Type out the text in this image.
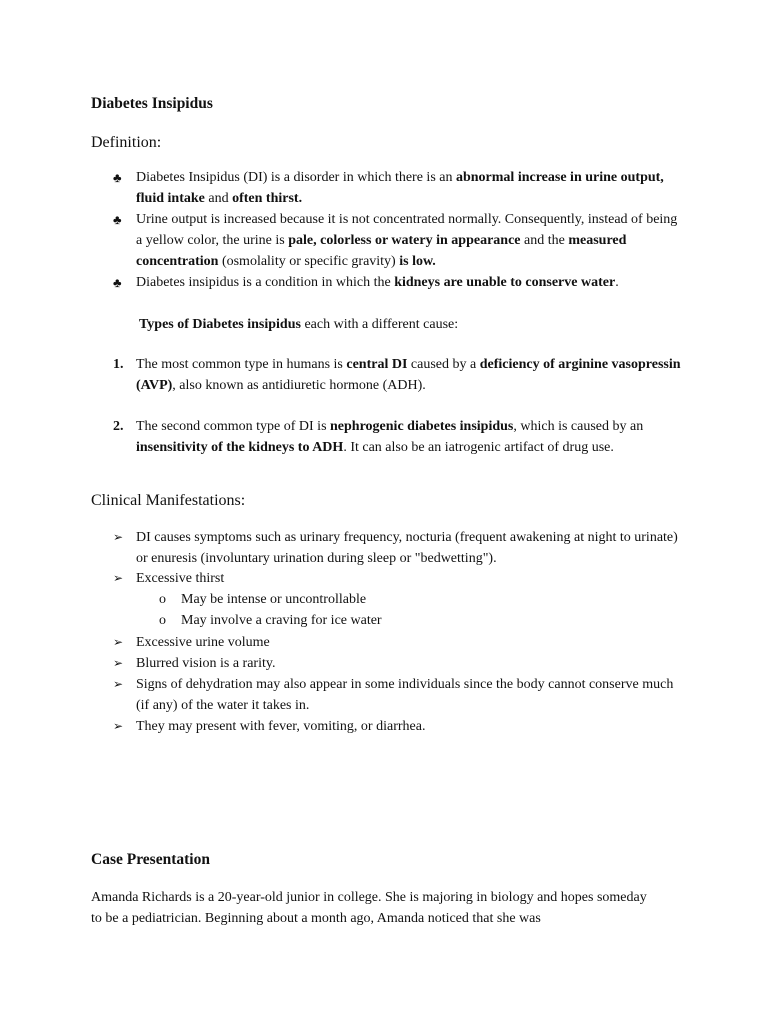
Diabetes Insipidus
Definition:
♣ Diabetes Insipidus (DI) is a disorder in which there is an abnormal increase in urine output, fluid intake and often thirst.
♣ Urine output is increased because it is not concentrated normally. Consequently, instead of being a yellow color, the urine is pale, colorless or watery in appearance and the measured concentration (osmolality or specific gravity) is low.
♣ Diabetes insipidus is a condition in which the kidneys are unable to conserve water.

Types of Diabetes insipidus each with a different cause:

1. The most common type in humans is central DI caused by a deficiency of arginine vasopressin (AVP), also known as antidiuretic hormone (ADH).
2. The second common type of DI is nephrogenic diabetes insipidus, which is caused by an insensitivity of the kidneys to ADH. It can also be an iatrogenic artifact of drug use.
Clinical Manifestations:
➢ DI causes symptoms such as urinary frequency, nocturia (frequent awakening at night to urinate) or enuresis (involuntary urination during sleep or "bedwetting").
➢ Excessive thirst
o May be intense or uncontrollable
o May involve a craving for ice water
➢ Excessive urine volume
➢ Blurred vision is a rarity.
➢ Signs of dehydration may also appear in some individuals since the body cannot conserve much (if any) of the water it takes in.
➢ They may present with fever, vomiting, or diarrhea.
Case Presentation

Amanda Richards is a 20-year-old junior in college. She is majoring in biology and hopes someday to be a pediatrician. Beginning about a month ago, Amanda noticed that she was
